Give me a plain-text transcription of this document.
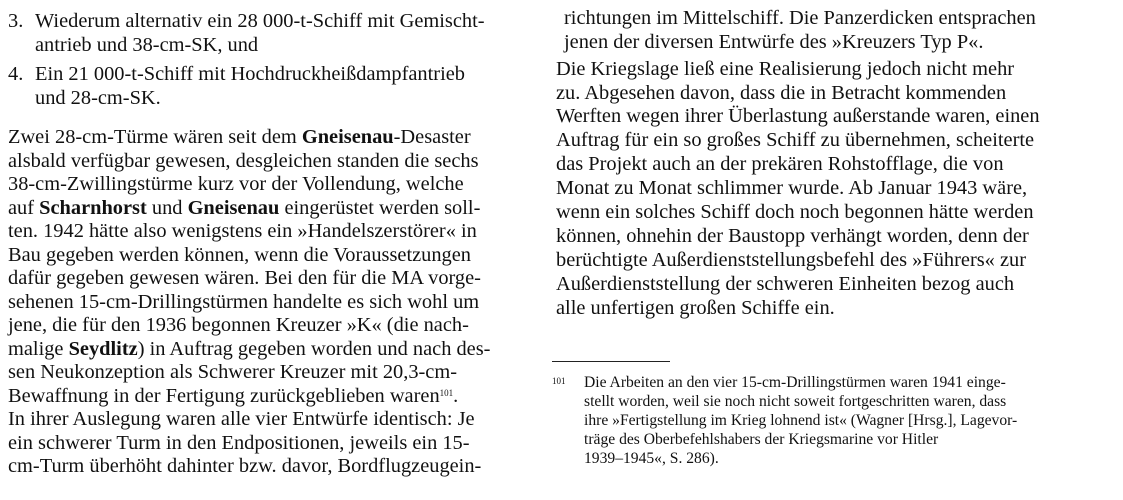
3. Wiederum alternativ ein 28 000-t-Schiff mit Gemischt-
antrieb und 38-cm-SK, und
4. Ein 21 000-t-Schiff mit Hochdruckheißdampfantrieb
und 28-cm-SK.
Zwei 28-cm-Türme wären seit dem Gneisenau-Desaster
alsbald verfügbar gewesen, desgleichen standen die sechs
38-cm-Zwillingstürme kurz vor der Vollendung, welche
auf Scharnhorst und Gneisenau eingerüstet werden soll-
ten. 1942 hätte also wenigstens ein »Handelszerstörer« in
Bau gegeben werden können, wenn die Voraussetzungen
dafür gegeben gewesen wären. Bei den für die MA vorge-
sehenen 15-cm-Drillingstürmen handelte es sich wohl um
jene, die für den 1936 begonnen Kreuzer »K« (die nach-
malige Seydlitz) in Auftrag gegeben worden und nach des-
sen Neukonzeption als Schwerer Kreuzer mit 20,3-cm-
Bewaffnung in der Fertigung zurückgeblieben waren$^{101}$.
In ihrer Auslegung waren alle vier Entwürfe identisch: Je
ein schwerer Turm in den Endpositionen, jeweils ein 15-
cm-Turm überhöht dahinter bzw. davor, Bordflugzeugein-
richtungen im Mittelschiff. Die Panzerdicken entsprachen
jenen der diversen Entwürfe des »Kreuzers Typ P«.
Die Kriegslage ließ eine Realisierung jedoch nicht mehr
zu. Abgesehen davon, dass die in Betracht kommenden
Werften wegen ihrer Überlastung außerstande waren, einen
Auftrag für ein so großes Schiff zu übernehmen, scheiterte
das Projekt auch an der prekären Rohstofflage, die von
Monat zu Monat schlimmer wurde. Ab Januar 1943 wäre,
wenn ein solches Schiff doch noch begonnen hätte werden
können, ohnehin der Baustopp verhängt worden, denn der
berüchtigte Außerdienststellungsbefehl des »Führers« zur
Außerdienststellung der schweren Einheiten bezog auch
alle unfertigen großen Schiffe ein.
101 Die Arbeiten an den vier 15-cm-Drillingstürmen waren 1941 einge-
stellt worden, weil sie noch nicht soweit fortgeschritten waren, dass
ihre »Fertigstellung im Krieg lohnend ist« (Wagner [Hrsg.], Lagevor-
träge des Oberbefehlshabers der Kriegsmarine vor Hitler
1939–1945«, S. 286).
